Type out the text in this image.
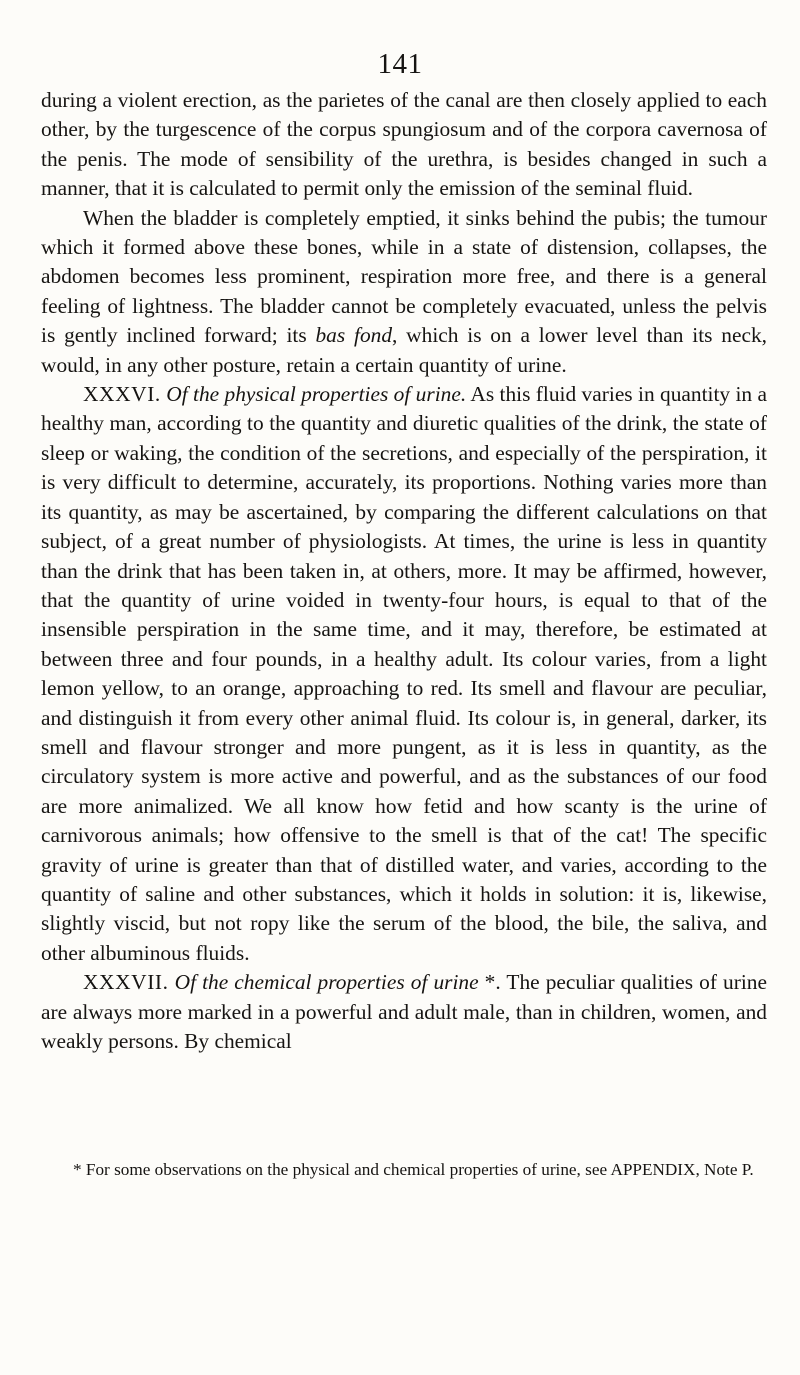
141

during a violent erection, as the parietes of the canal are then closely applied to each other, by the turgescence of the corpus spungiosum and of the corpora cavernosa of the penis. The mode of sensibility of the urethra, is besides changed in such a manner, that it is calculated to permit only the emission of the seminal fluid.

When the bladder is completely emptied, it sinks behind the pubis; the tumour which it formed above these bones, while in a state of distension, collapses, the abdomen becomes less prominent, respiration more free, and there is a general feeling of lightness. The bladder cannot be completely evacuated, unless the pelvis is gently inclined forward; its bas fond, which is on a lower level than its neck, would, in any other posture, retain a certain quantity of urine.

XXXVI. Of the physical properties of urine. As this fluid varies in quantity in a healthy man, according to the quantity and diuretic qualities of the drink, the state of sleep or waking, the condition of the secretions, and especially of the perspiration, it is very difficult to determine, accurately, its proportions. Nothing varies more than its quantity, as may be ascertained, by comparing the different calculations on that subject, of a great number of physiologists. At times, the urine is less in quantity than the drink that has been taken in, at others, more. It may be affirmed, however, that the quantity of urine voided in twenty-four hours, is equal to that of the insensible perspiration in the same time, and it may, therefore, be estimated at between three and four pounds, in a healthy adult. Its colour varies, from a light lemon yellow, to an orange, approaching to red. Its smell and flavour are peculiar, and distinguish it from every other animal fluid. Its colour is, in general, darker, its smell and flavour stronger and more pungent, as it is less in quantity, as the circulatory system is more active and powerful, and as the substances of our food are more animalized. We all know how fetid and how scanty is the urine of carnivorous animals; how offensive to the smell is that of the cat! The specific gravity of urine is greater than that of distilled water, and varies, according to the quantity of saline and other substances, which it holds in solution: it is, likewise, slightly viscid, but not ropy like the serum of the blood, the bile, the saliva, and other albuminous fluids.

XXXVII. Of the chemical properties of urine *. The peculiar qualities of urine are always more marked in a powerful and adult male, than in children, women, and weakly persons. By chemical

* For some observations on the physical and chemical properties of urine, see APPENDIX, Note P.
